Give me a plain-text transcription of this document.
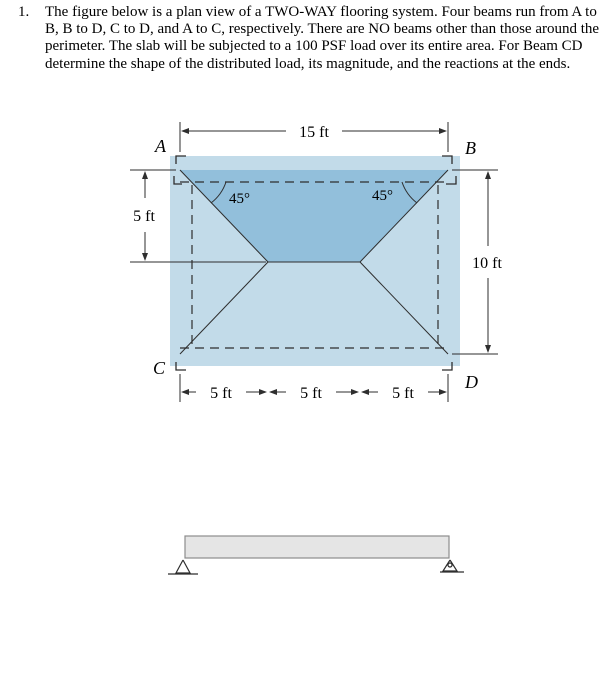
1. The figure below is a plan view of a TWO-WAY flooring system. Four beams run from A to B, B to D, C to D, and A to C, respectively. There are NO beams other than those around the perimeter. The slab will be subjected to a 100 PSF load over its entire area. For Beam CD determine the shape of the distributed load, its magnitude, and the reactions at the ends.
A	B
C
D
15 ft
5 ft
10 ft
5 ft	5 ft	5 ft
45°	45°
